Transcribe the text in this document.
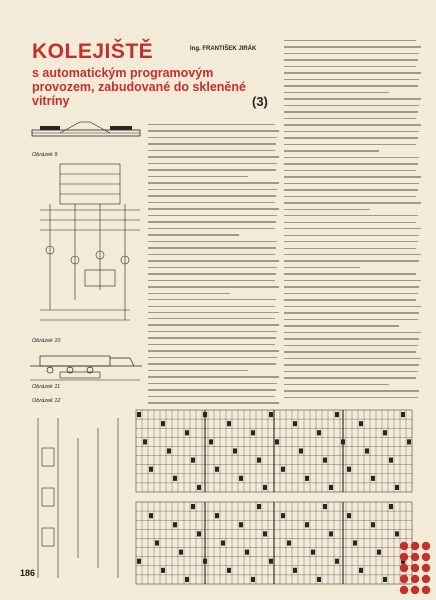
KOLEJIŠTĚ	Ing. FRANTIŠEK JIRÁK
s automatickým programovým provozem, zabudované do skleněné vitríny	(3)
Obrázek 9
Obrázek 10
Obrázek 11
Obrázek 12
186
